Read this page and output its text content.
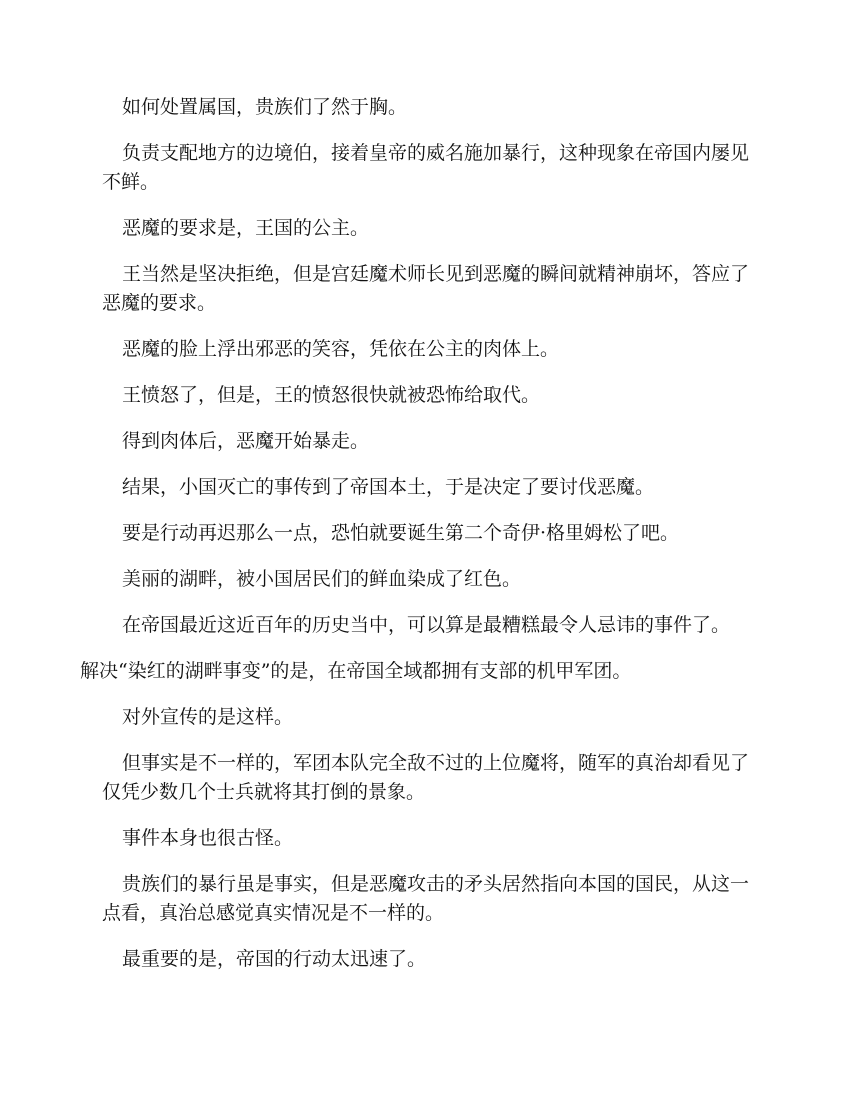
如何处置属国，贵族们了然于胸。

负责支配地方的边境伯，接着皇帝的威名施加暴行，这种现象在帝国内屡见不鲜。

恶魔的要求是，王国的公主。

王当然是坚决拒绝，但是宫廷魔术师长见到恶魔的瞬间就精神崩坏，答应了恶魔的要求。

恶魔的脸上浮出邪恶的笑容，凭依在公主的肉体上。

王愤怒了，但是，王的愤怒很快就被恐怖给取代。

得到肉体后，恶魔开始暴走。

结果，小国灭亡的事传到了帝国本土，于是决定了要讨伐恶魔。

要是行动再迟那么一点，恐怕就要诞生第二个奇伊·格里姆松了吧。

美丽的湖畔，被小国居民们的鲜血染成了红色。

在帝国最近这近百年的历史当中，可以算是最糟糕最令人忌讳的事件了。

解决“染红的湖畔事变”的是，在帝国全域都拥有支部的机甲军团。

对外宣传的是这样。

但事实是不一样的，军团本队完全敌不过的上位魔将，随军的真治却看见了仅凭少数几个士兵就将其打倒的景象。

事件本身也很古怪。

贵族们的暴行虽是事实，但是恶魔攻击的矛头居然指向本国的国民，从这一点看，真治总感觉真实情况是不一样的。

最重要的是，帝国的行动太迅速了。
